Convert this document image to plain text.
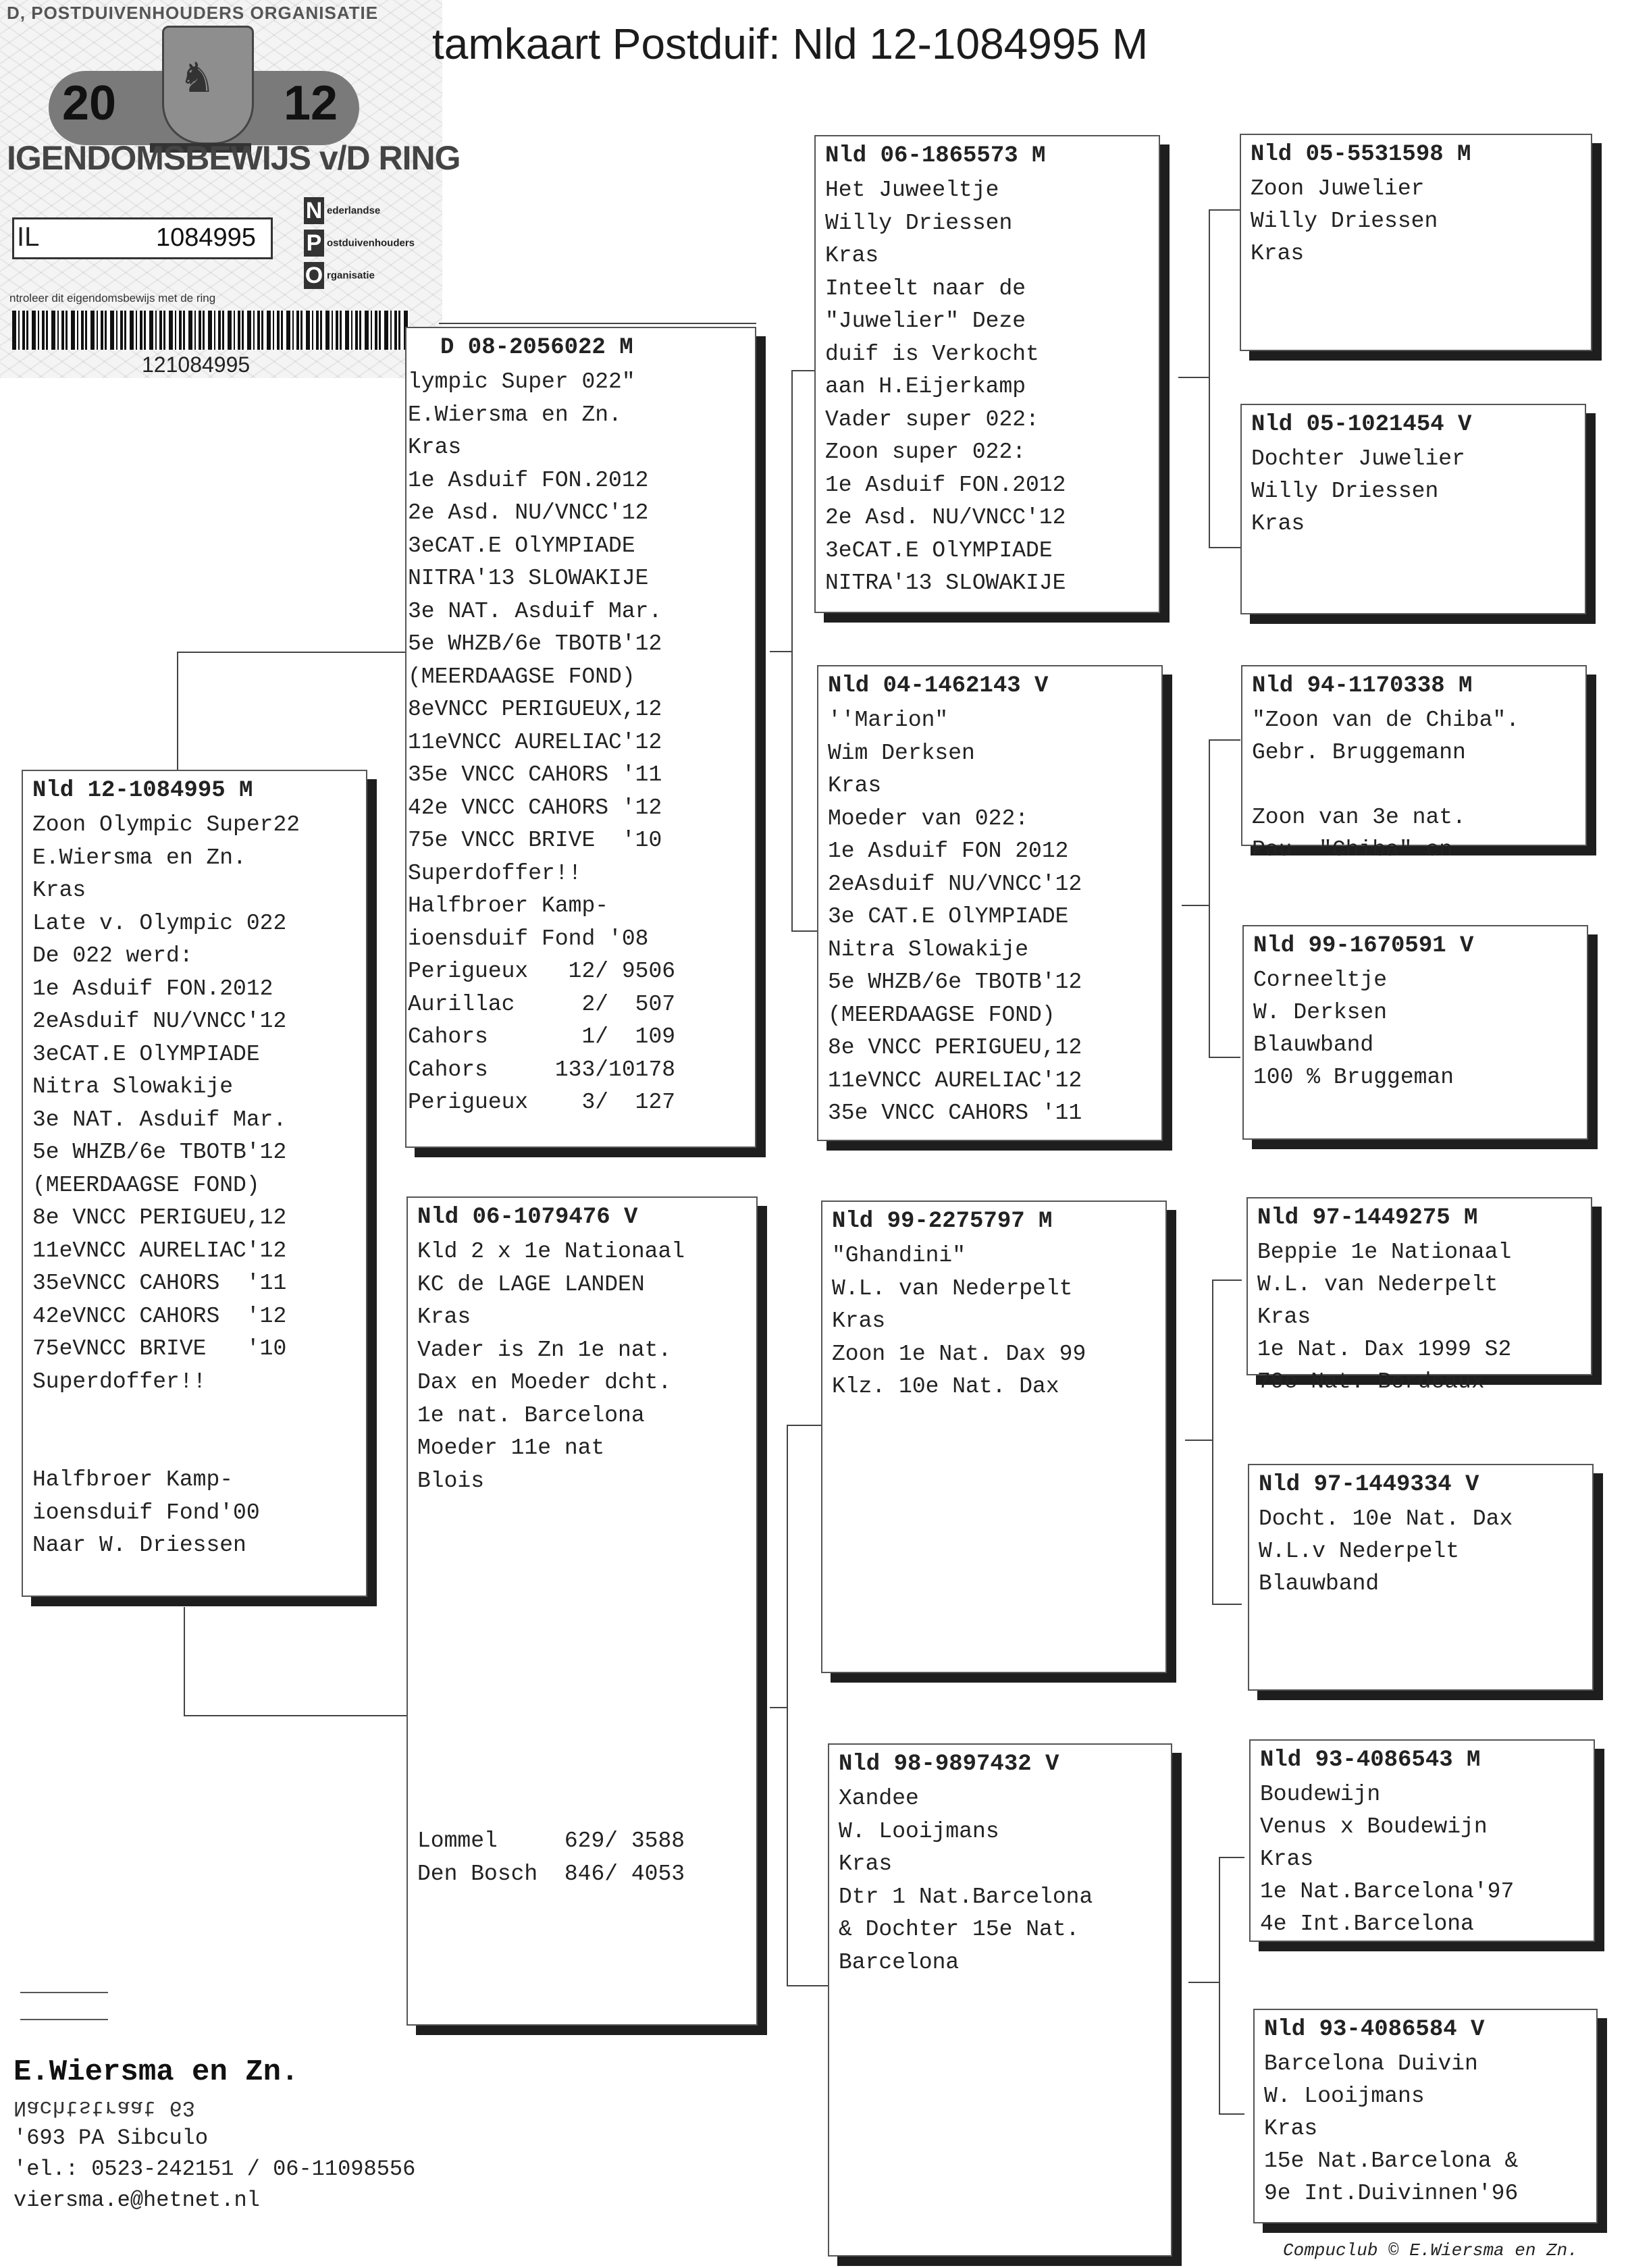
D, POSTDUIVENHOUDERS ORGANISATIE
♞
20	12
IGENDOMSBEWIJS v/D RING
IL	1084995
N ederlandse
P ostduivenhouders
O rganisatie
ntroleer dit eigendomsbewijs met de ring
121084995
tamkaart Postduif: Nld 12-1084995 M
Nld 12-1084995 M
Zoon Olympic Super22
E.Wiersma en Zn.
Kras
Late v. Olympic 022
De 022 werd:
1e Asduif FON.2012
2eAsduif NU/VNCC'12
3eCAT.E OlYMPIADE
Nitra Slowakije
3e NAT. Asduif Mar.
5e WHZB/6e TBOTB'12
(MEERDAAGSE FOND)
8e VNCC PERIGUEU,12
11eVNCC AURELIAC'12
35eVNCC CAHORS  '11
42eVNCC CAHORS  '12
75eVNCC BRIVE   '10
Superdoffer!!

Halfbroer Kamp-
ioensduif Fond'00
Naar W. Driessen
D 08-2056022 M
lympic Super 022"
E.Wiersma en Zn.
Kras
1e Asduif FON.2012
2e Asd. NU/VNCC'12
3eCAT.E OlYMPIADE
NITRA'13 SLOWAKIJE
3e NAT. Asduif Mar.
5e WHZB/6e TBOTB'12
(MEERDAAGSE FOND)
8eVNCC PERIGUEUX,12
11eVNCC AURELIAC'12
35e VNCC CAHORS '11
42e VNCC CAHORS '12
75e VNCC BRIVE  '10
Superdoffer!!
Halfbroer Kamp-
ioensduif Fond '08
Perigueux   12/ 9506
Aurillac     2/  507
Cahors       1/  109
Cahors     133/10178
Perigueux    3/  127
Nld 06-1079476 V
Kld 2 x 1e Nationaal
KC de LAGE LANDEN
Kras
Vader is Zn 1e nat.
Dax en Moeder dcht.
1e nat. Barcelona
Moeder 11e nat
Blois

Lommel     629/ 3588
Den Bosch  846/ 4053
Nld 06-1865573 M
Het Juweeltje
Willy Driessen
Kras
Inteelt naar de
"Juwelier" Deze
duif is Verkocht
aan H.Eijerkamp
Vader super 022:
Zoon super 022:
1e Asduif FON.2012
2e Asd. NU/VNCC'12
3eCAT.E OlYMPIADE
NITRA'13 SLOWAKIJE
Nld 04-1462143 V
''Marion"
Wim Derksen
Kras
Moeder van 022:
1e Asduif FON 2012
2eAsduif NU/VNCC'12
3e CAT.E OlYMPIADE
Nitra Slowakije
5e WHZB/6e TBOTB'12
(MEERDAAGSE FOND)
8e VNCC PERIGUEU,12
11eVNCC AURELIAC'12
35e VNCC CAHORS '11
Nld 99-2275797 M
"Ghandini"
W.L. van Nederpelt
Kras
Zoon 1e Nat. Dax 99
Klz. 10e Nat. Dax
Nld 98-9897432 V
Xandee
W. Looijmans
Kras
Dtr 1 Nat.Barcelona
& Dochter 15e Nat.
Barcelona
Nld 05-5531598 M
Zoon Juwelier
Willy Driessen
Kras
Nld 05-1021454 V
Dochter Juwelier
Willy Driessen
Kras
Nld 94-1170338 M
"Zoon van de Chiba".
Gebr. Bruggemann

Zoon van 3e nat.
Pau  "Chiba" en
Nld 99-1670591 V
Corneeltje
W. Derksen
Blauwband
100 % Bruggeman
Nld 97-1449275 M
Beppie 1e Nationaal
W.L. van Nederpelt
Kras
1e Nat. Dax 1999 S2
79e Nat. Bordeaux
Nld 97-1449334 V
Docht. 10e Nat. Dax
W.L.v Nederpelt
Blauwband
Nld 93-4086543 M
Boudewijn
Venus x Boudewijn
Kras
1e Nat.Barcelona'97
4e Int.Barcelona
Nld 93-4086584 V
Barcelona Duivin
W. Looijmans
Kras
15e Nat.Barcelona &
9e Int.Duivinnen'96
E.Wiersma en Zn.
Nachtstraat 63
'693 PA Sibculo
'el.: 0523-242151 / 06-11098556
viersma.e@hetnet.nl
Compuclub © E.Wiersma en Zn.
